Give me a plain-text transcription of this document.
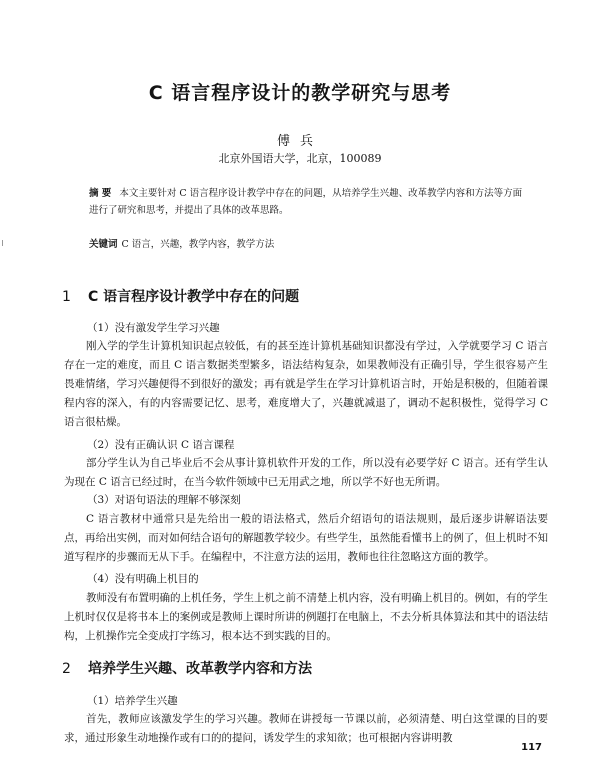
C 语言程序设计的教学研究与思考
傅兵
北京外国语大学，北京，100089
摘 要 本文主要针对 C 语言程序设计教学中存在的问题，从培养学生兴趣、改革教学内容和方法等方面进行了研究和思考，并提出了具体的改革思路。
关键词 C 语言，兴趣，教学内容，教学方法
1 C 语言程序设计教学中存在的问题
（1）没有激发学生学习兴趣
刚入学的学生计算机知识起点较低，有的甚至连计算机基础知识都没有学过，入学就要学习 C 语言存在一定的难度，而且 C 语言数据类型繁多，语法结构复杂，如果教师没有正确引导，学生很容易产生畏难情绪，学习兴趣便得不到很好的激发；再有就是学生在学习计算机语言时，开始是积极的，但随着课程内容的深入，有的内容需要记忆、思考，难度增大了，兴趣就减退了，调动不起积极性，觉得学习 C 语言很枯燥。
（2）没有正确认识 C 语言课程
部分学生认为自己毕业后不会从事计算机软件开发的工作，所以没有必要学好 C 语言。还有学生认为现在 C 语言已经过时，在当今软件领域中已无用武之地，所以学不好也无所谓。
（3）对语句语法的理解不够深刻
C 语言教材中通常只是先给出一般的语法格式，然后介绍语句的语法规则，最后逐步讲解语法要点，再给出实例，而对如何结合语句的解题教学较少。有些学生，虽然能看懂书上的例了，但上机时不知道写程序的步骤而无从下手。在编程中，不注意方法的运用，教师也往往忽略这方面的教学。
（4）没有明确上机目的
教师没有布置明确的上机任务，学生上机之前不清楚上机内容，没有明确上机目的。例如，有的学生上机时仅仅是将书本上的案例或是教师上课时所讲的例题打在电脑上，不去分析具体算法和其中的语法结构，上机操作完全变成打字练习，根本达不到实践的目的。
2 培养学生兴趣、改革教学内容和方法
（1）培养学生兴趣
首先，教师应该激发学生的学习兴趣。教师在讲授每一节课以前，必须清楚、明白这堂课的目的要求，通过形象生动地操作或有口的的提问，诱发学生的求知欲；也可根据内容讲明教
117
